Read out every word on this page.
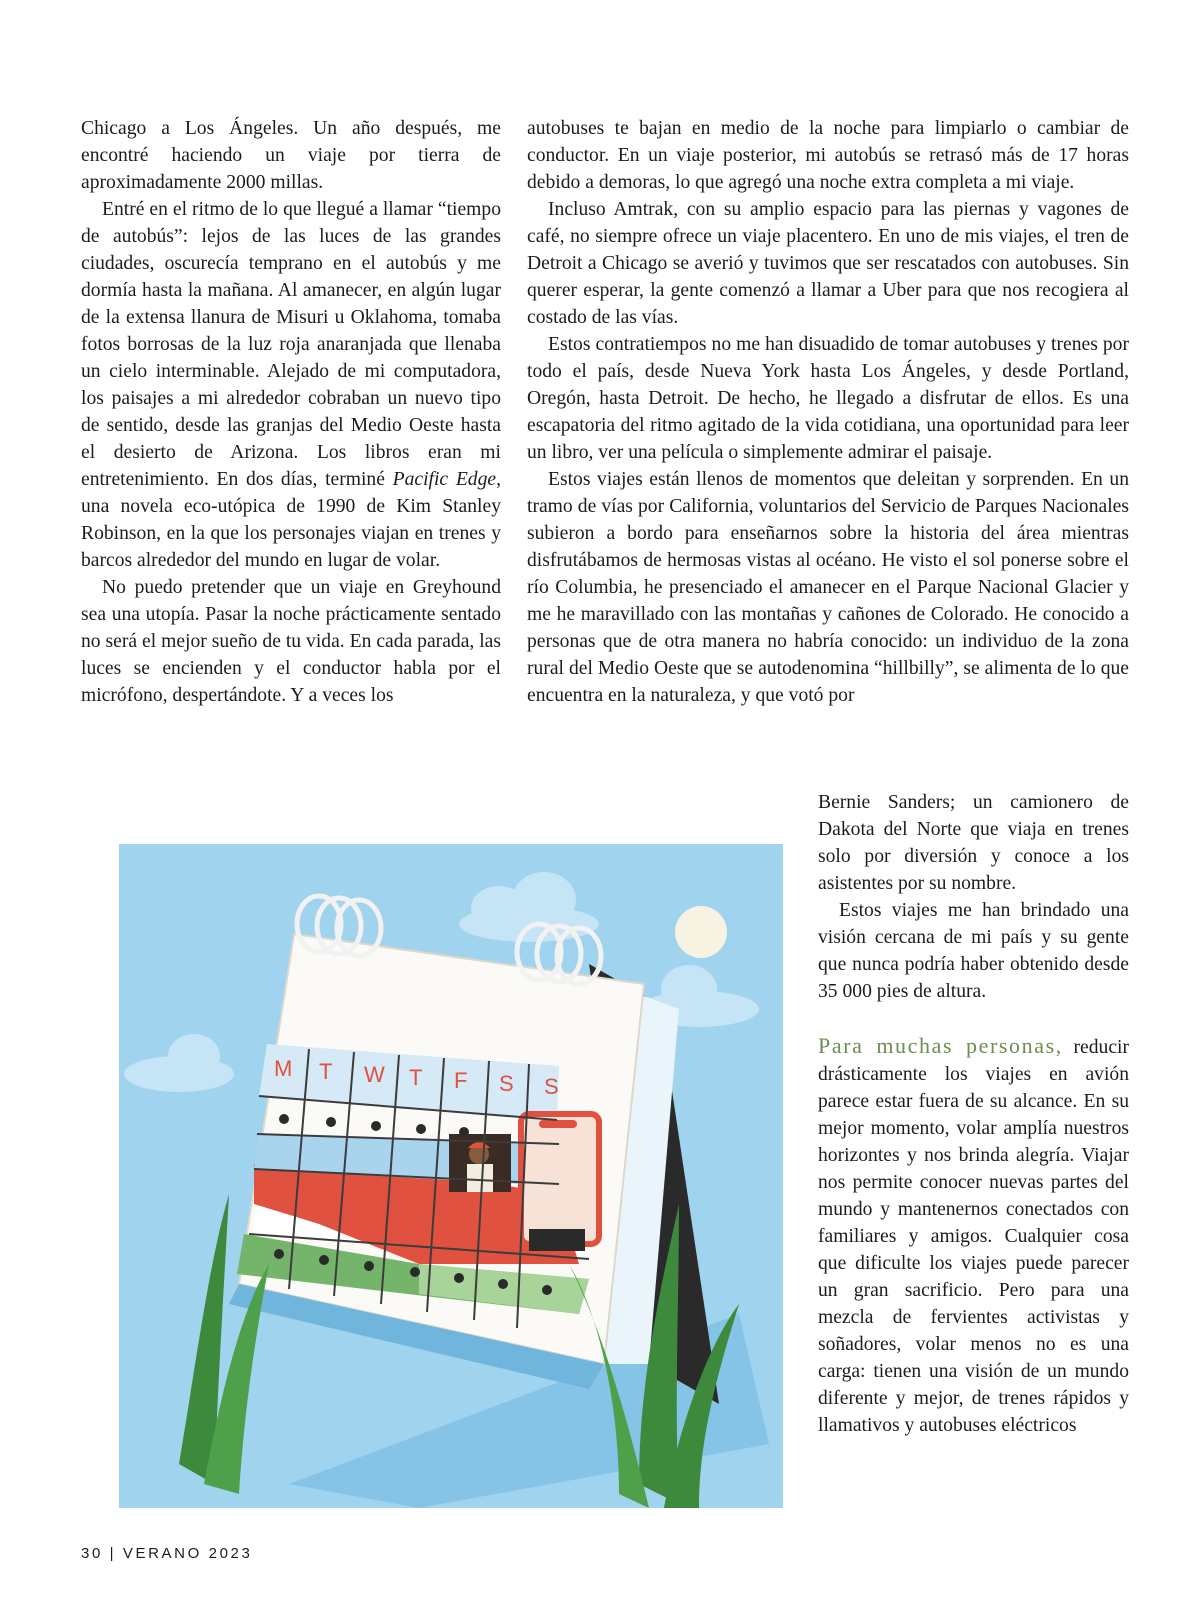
Chicago a Los Ángeles. Un año después, me encontré haciendo un viaje por tierra de aproximadamente 2000 millas.

Entré en el ritmo de lo que llegué a llamar “tiempo de autobús”: lejos de las luces de las grandes ciudades, oscurecía temprano en el autobús y me dormía hasta la mañana. Al amanecer, en algún lugar de la extensa llanura de Misuri u Oklahoma, tomaba fotos borrosas de la luz roja anaranjada que llenaba un cielo interminable. Alejado de mi computadora, los paisajes a mi alrededor cobraban un nuevo tipo de sentido, desde las granjas del Medio Oeste hasta el desierto de Arizona. Los libros eran mi entretenimiento. En dos días, terminé Pacific Edge, una novela eco-utópica de 1990 de Kim Stanley Robinson, en la que los personajes viajan en trenes y barcos alrededor del mundo en lugar de volar.

No puedo pretender que un viaje en Greyhound sea una utopía. Pasar la noche prácticamente sentado no será el mejor sueño de tu vida. En cada parada, las luces se encienden y el conductor habla por el micrófono, despertándote. Y a veces los

autobuses te bajan en medio de la noche para limpiarlo o cambiar de conductor. En un viaje posterior, mi autobús se retrasó más de 17 horas debido a demoras, lo que agregó una noche extra completa a mi viaje.

Incluso Amtrak, con su amplio espacio para las piernas y vagones de café, no siempre ofrece un viaje placentero. En uno de mis viajes, el tren de Detroit a Chicago se averió y tuvimos que ser rescatados con autobuses. Sin querer esperar, la gente comenzó a llamar a Uber para que nos recogiera al costado de las vías.

Estos contratiempos no me han disuadido de tomar autobuses y trenes por todo el país, desde Nueva York hasta Los Ángeles, y desde Portland, Oregón, hasta Detroit. De hecho, he llegado a disfrutar de ellos. Es una escapatoria del ritmo agitado de la vida cotidiana, una oportunidad para leer un libro, ver una película o simplemente admirar el paisaje.

Estos viajes están llenos de momentos que deleitan y sorprenden. En un tramo de vías por California, voluntarios del Servicio de Parques Nacionales subieron a bordo para enseñarnos sobre la historia del área mientras disfrutábamos de hermosas vistas al océano. He visto el sol ponerse sobre el río Columbia, he presenciado el amanecer en el Parque Nacional Glacier y me he maravillado con las montañas y cañones de Colorado. He conocido a personas que de otra manera no habría conocido: un individuo de la zona rural del Medio Oeste que se autodenomina “hillbilly”, se alimenta de lo que encuentra en la naturaleza, y que votó por

Bernie Sanders; un camionero de Dakota del Norte que viaja en trenes solo por diversión y conoce a los asistentes por su nombre.

Estos viajes me han brindado una visión cercana de mi país y su gente que nunca podría haber obtenido desde 35 000 pies de altura.

Para muchas personas, reducir drásticamente los viajes en avión parece estar fuera de su alcance. En su mejor momento, volar amplía nuestros horizontes y nos brinda alegría. Viajar nos permite conocer nuevas partes del mundo y mantenernos conectados con familiares y amigos. Cualquier cosa que dificulte los viajes puede parecer un gran sacrificio. Pero para una mezcla de fervientes activistas y soñadores, volar menos no es una carga: tienen una visión de un mundo diferente y mejor, de trenes rápidos y llamativos y autobuses eléctricos

M T W T F S S
30 | VERANO 2023
